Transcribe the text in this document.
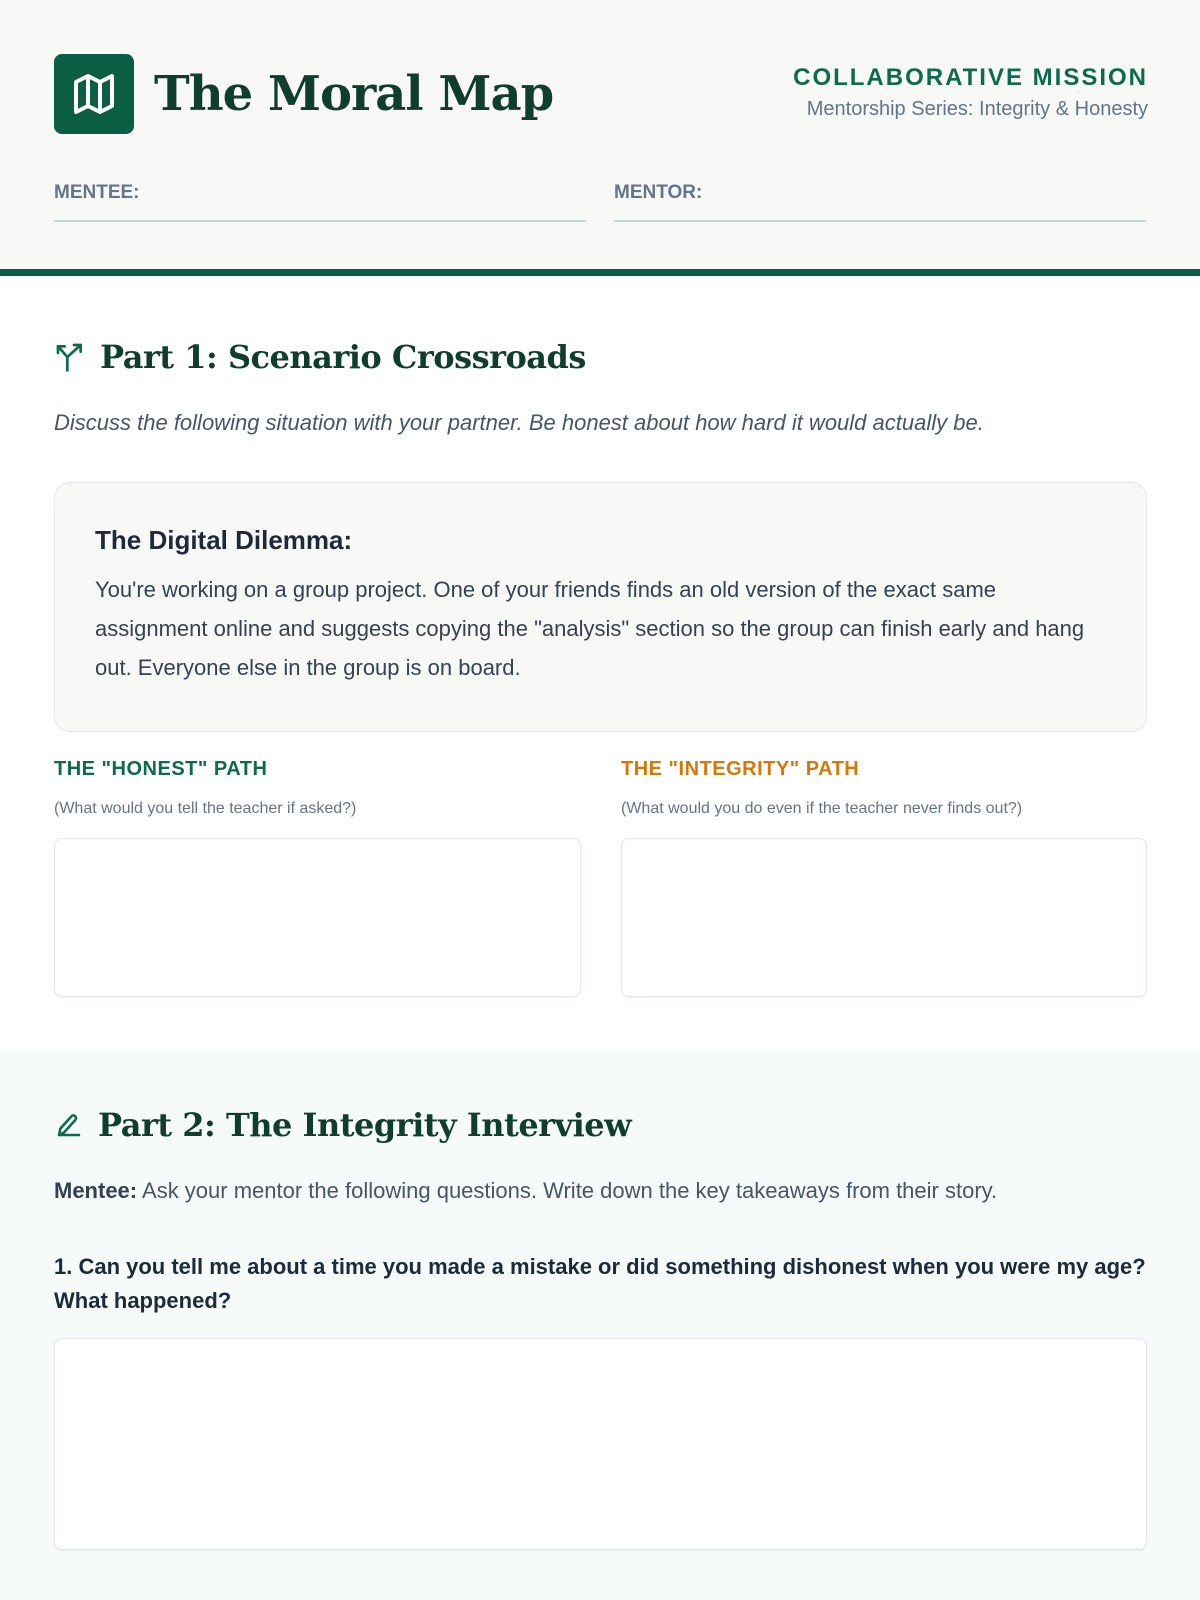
The Moral Map	COLLABORATIVE MISSION
Mentorship Series: Integrity & Honesty
MENTEE:	MENTOR:
Part 1: Scenario Crossroads
Discuss the following situation with your partner. Be honest about how hard it would actually be.
The Digital Dilemma:
You're working on a group project. One of your friends finds an old version of the exact same assignment online and suggests copying the "analysis" section so the group can finish early and hang out. Everyone else in the group is on board.
THE "HONEST" PATH
(What would you tell the teacher if asked?)
THE "INTEGRITY" PATH
(What would you do even if the teacher never finds out?)
Part 2: The Integrity Interview
Mentee: Ask your mentor the following questions. Write down the key takeaways from their story.
1. Can you tell me about a time you made a mistake or did something dishonest when you were my age? What happened?
